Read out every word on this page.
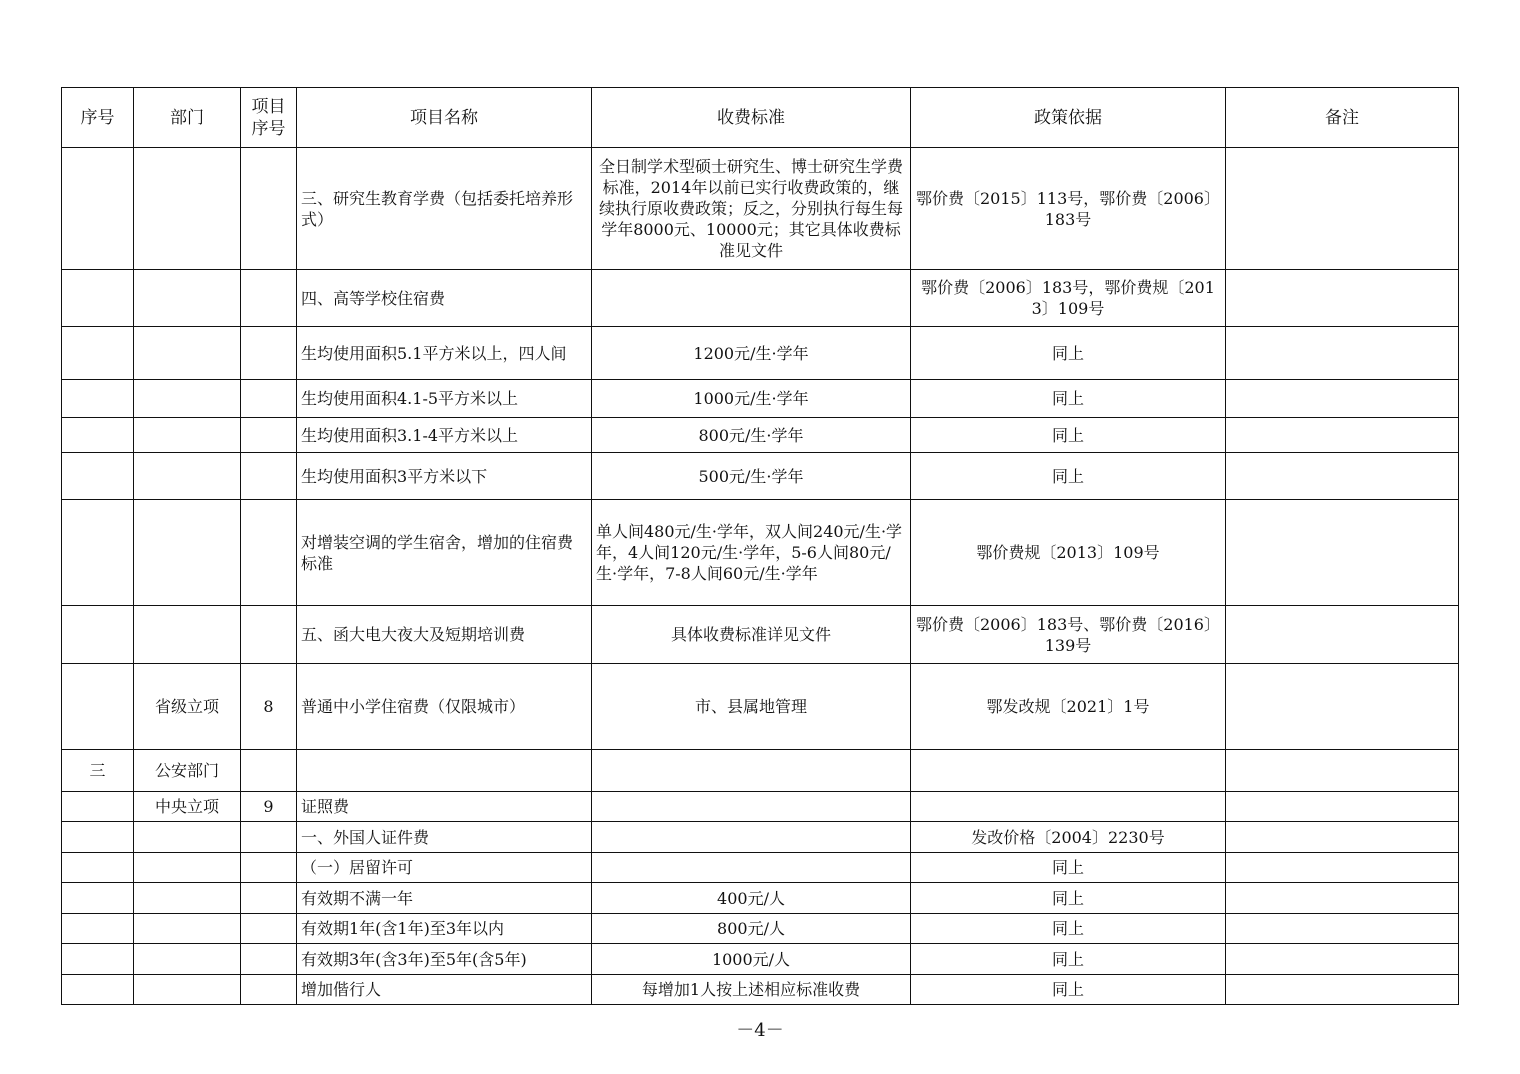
序号	部门	项目序号	项目名称	收费标准	政策依据	备注
			三、研究生教育学费（包括委托培养形式）	全日制学术型硕士研究生、博士研究生学费标准，2014年以前已实行收费政策的，继续执行原收费政策；反之，分别执行每生每学年8000元、10000元；其它具体收费标准见文件	鄂价费〔2015〕113号，鄂价费〔2006〕183号	
			四、高等学校住宿费		鄂价费〔2006〕183号，鄂价费规〔2013〕109号	
			生均使用面积5.1平方米以上，四人间	1200元/生·学年	同上	
			生均使用面积4.1-5平方米以上	1000元/生·学年	同上	
			生均使用面积3.1-4平方米以上	800元/生·学年	同上	
			生均使用面积3平方米以下	500元/生·学年	同上	
			对增装空调的学生宿舍，增加的住宿费标准	单人间480元/生·学年，双人间240元/生·学年，4人间120元/生·学年，5-6人间80元/生·学年，7-8人间60元/生·学年	鄂价费规〔2013〕109号	
			五、函大电大夜大及短期培训费	具体收费标准详见文件	鄂价费〔2006〕183号、鄂价费〔2016〕139号	
	省级立项	8	普通中小学住宿费（仅限城市）	市、县属地管理	鄂发改规〔2021〕1号	
三	公安部门					
	中央立项	9	证照费			
			一、外国人证件费		发改价格〔2004〕2230号	
			（一）居留许可		同上	
			有效期不满一年	400元/人	同上	
			有效期1年(含1年)至3年以内	800元/人	同上	
			有效期3年(含3年)至5年(含5年)	1000元/人	同上	
			增加偕行人	每增加1人按上述相应标准收费	同上	
－4－
